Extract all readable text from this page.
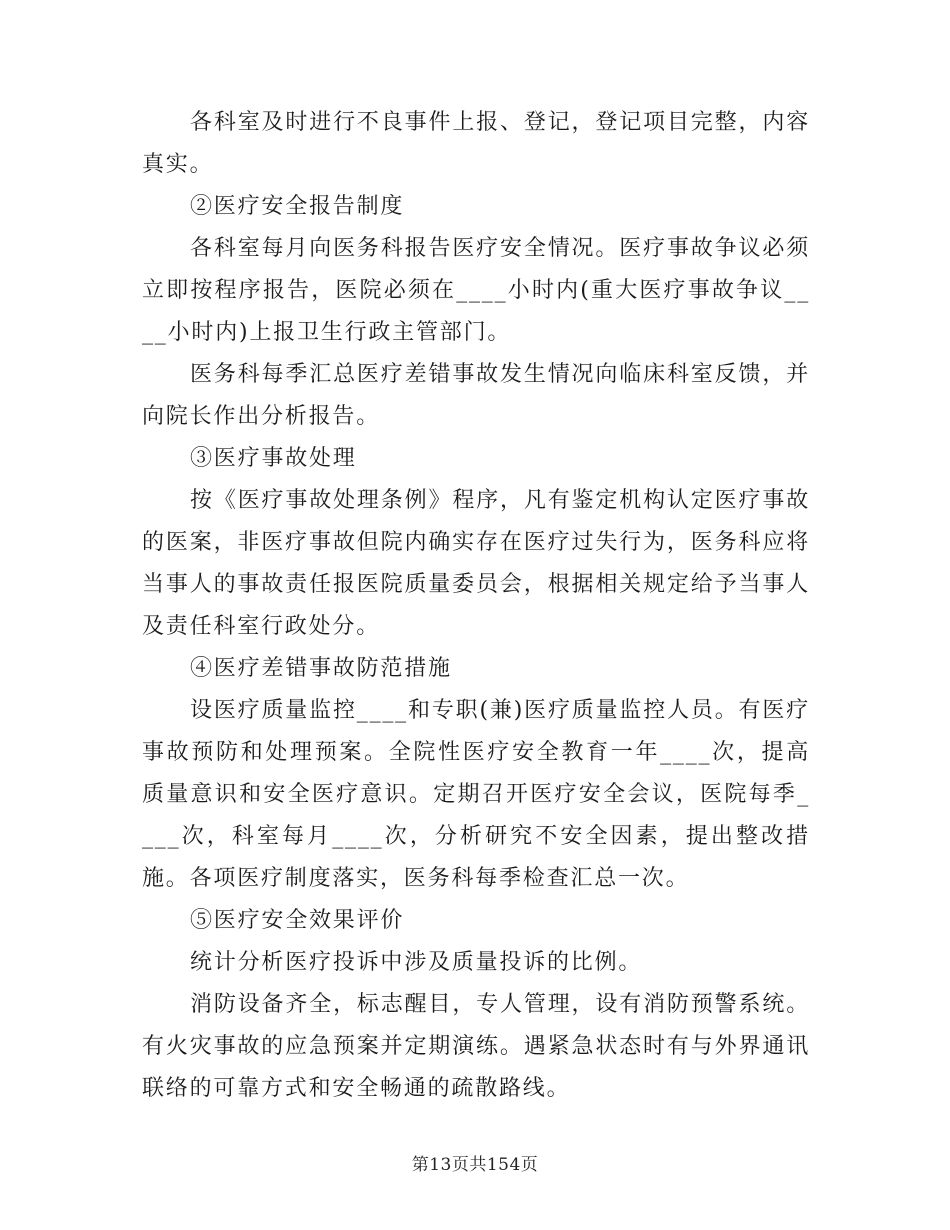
各科室及时进行不良事件上报、登记，登记项目完整，内容真实。

②医疗安全报告制度

各科室每月向医务科报告医疗安全情况。医疗事故争议必须立即按程序报告，医院必须在____小时内(重大医疗事故争议____小时内)上报卫生行政主管部门。

医务科每季汇总医疗差错事故发生情况向临床科室反馈，并向院长作出分析报告。

③医疗事故处理

按《医疗事故处理条例》程序，凡有鉴定机构认定医疗事故的医案，非医疗事故但院内确实存在医疗过失行为，医务科应将当事人的事故责任报医院质量委员会，根据相关规定给予当事人及责任科室行政处分。

④医疗差错事故防范措施

设医疗质量监控____和专职(兼)医疗质量监控人员。有医疗事故预防和处理预案。全院性医疗安全教育一年____次，提高质量意识和安全医疗意识。定期召开医疗安全会议，医院每季____次，科室每月____次，分析研究不安全因素，提出整改措施。各项医疗制度落实，医务科每季检查汇总一次。

⑤医疗安全效果评价

统计分析医疗投诉中涉及质量投诉的比例。

消防设备齐全，标志醒目，专人管理，设有消防预警系统。有火灾事故的应急预案并定期演练。遇紧急状态时有与外界通讯联络的可靠方式和安全畅通的疏散路线。

第13页共154页
